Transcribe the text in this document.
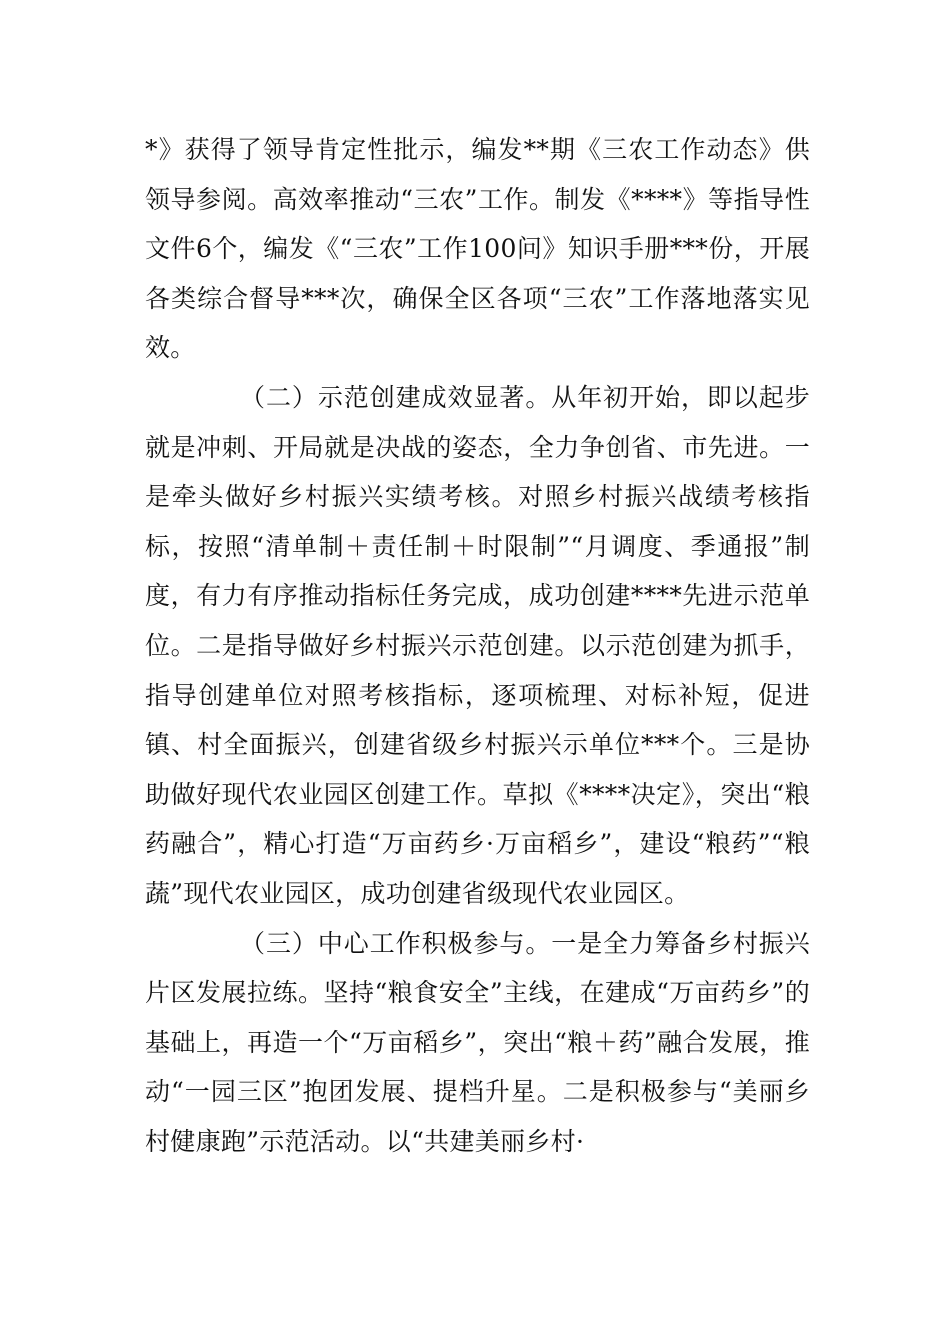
*》获得了领导肯定性批示，编发**期《三农工作动态》供领导参阅。高效率推动“三农”工作。制发《****》等指导性文件6个，编发《“三农”工作100问》知识手册***份，开展各类综合督导***次，确保全区各项“三农”工作落地落实见效。

（二）示范创建成效显著。从年初开始，即以起步就是冲刺、开局就是决战的姿态，全力争创省、市先进。一是牵头做好乡村振兴实绩考核。对照乡村振兴战绩考核指标，按照“清单制＋责任制＋时限制”“月调度、季通报”制度，有力有序推动指标任务完成，成功创建****先进示范单位。二是指导做好乡村振兴示范创建。以示范创建为抓手，指导创建单位对照考核指标，逐项梳理、对标补短，促进镇、村全面振兴，创建省级乡村振兴示单位***个。三是协助做好现代农业园区创建工作。草拟《****决定》，突出“粮药融合”，精心打造“万亩药乡·万亩稻乡”，建设“粮药”“粮蔬”现代农业园区，成功创建省级现代农业园区。

（三）中心工作积极参与。一是全力筹备乡村振兴片区发展拉练。坚持“粮食安全”主线，在建成“万亩药乡”的基础上，再造一个“万亩稻乡”，突出“粮＋药”融合发展，推动“一园三区”抱团发展、提档升星。二是积极参与“美丽乡村健康跑”示范活动。以“共建美丽乡村·
